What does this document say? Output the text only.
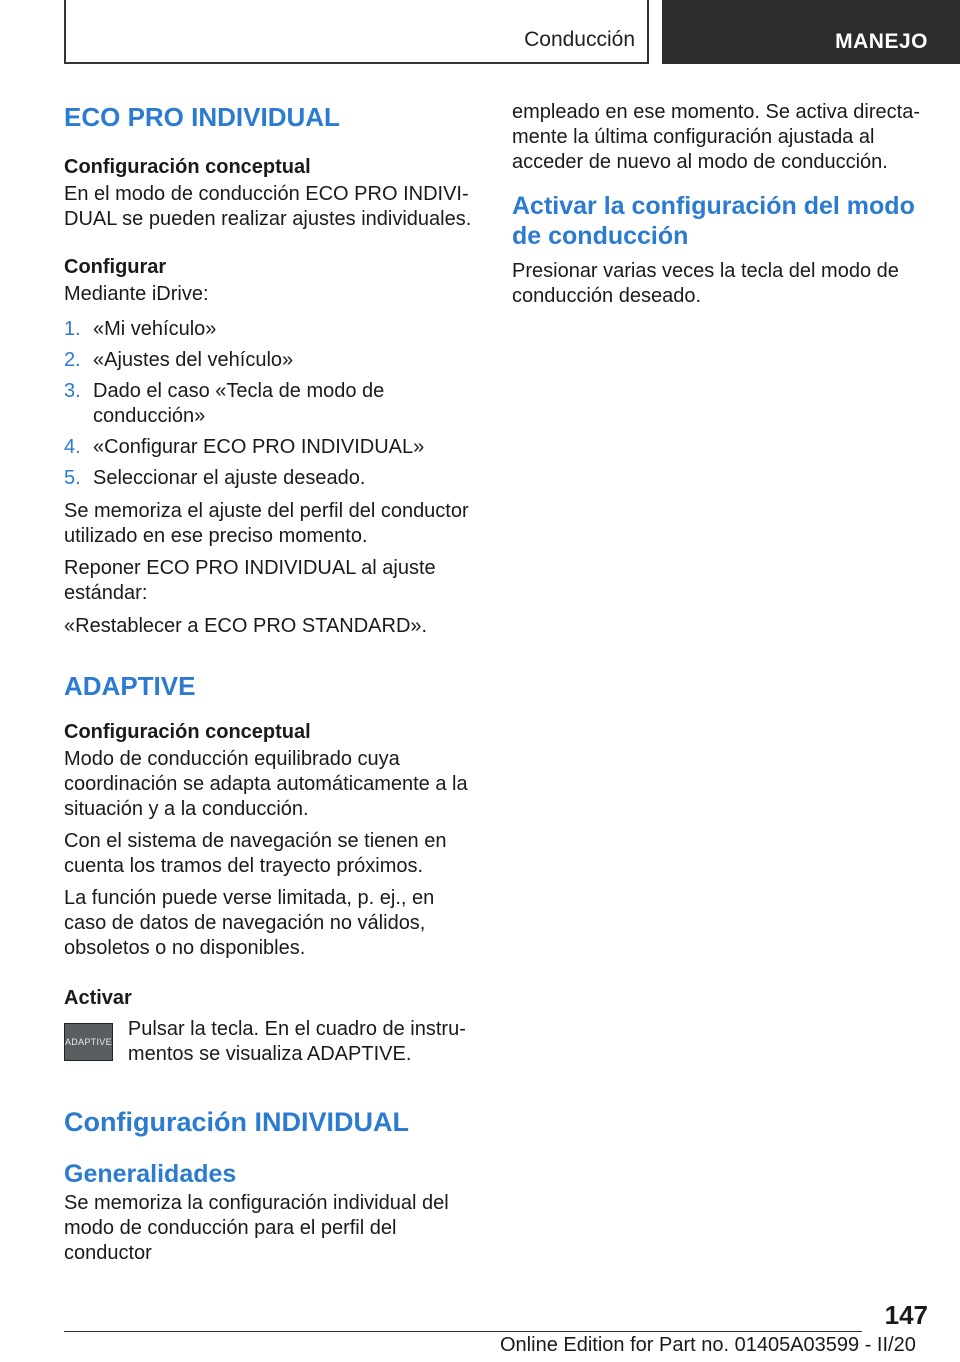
Conducción	MANEJO
ECO PRO INDIVIDUAL
Configuración conceptual

En el modo de conducción ECO PRO INDIVIDUAL se pueden realizar ajustes individuales.

Configurar

Mediante iDrive:

1. «Mi vehículo»
2. «Ajustes del vehículo»
3. Dado el caso «Tecla de modo de conducción»
4. «Configurar ECO PRO INDIVIDUAL»
5. Seleccionar el ajuste deseado.

Se memoriza el ajuste del perfil del conductor utilizado en ese preciso momento.

Reponer ECO PRO INDIVIDUAL al ajuste estándar:

«Restablecer a ECO PRO STANDARD».

ADAPTIVE
Configuración conceptual

Modo de conducción equilibrado cuya coordinación se adapta automáticamente a la situación y a la conducción.

Con el sistema de navegación se tienen en cuenta los tramos del trayecto próximos.

La función puede verse limitada, p. ej., en caso de datos de navegación no válidos, obsoletos o no disponibles.

Activar
ADAPTIVE

Pulsar la tecla. En el cuadro de instrumentos se visualiza ADAPTIVE.

Configuración INDIVIDUAL
Generalidades

Se memoriza la configuración individual del modo de conducción para el perfil del conductor

empleado en ese momento. Se activa directamente la última configuración ajustada al acceder de nuevo al modo de conducción.

Activar la configuración del modo de conducción

Presionar varias veces la tecla del modo de conducción deseado.

147
Online Edition for Part no. 01405A03599 - II/20
